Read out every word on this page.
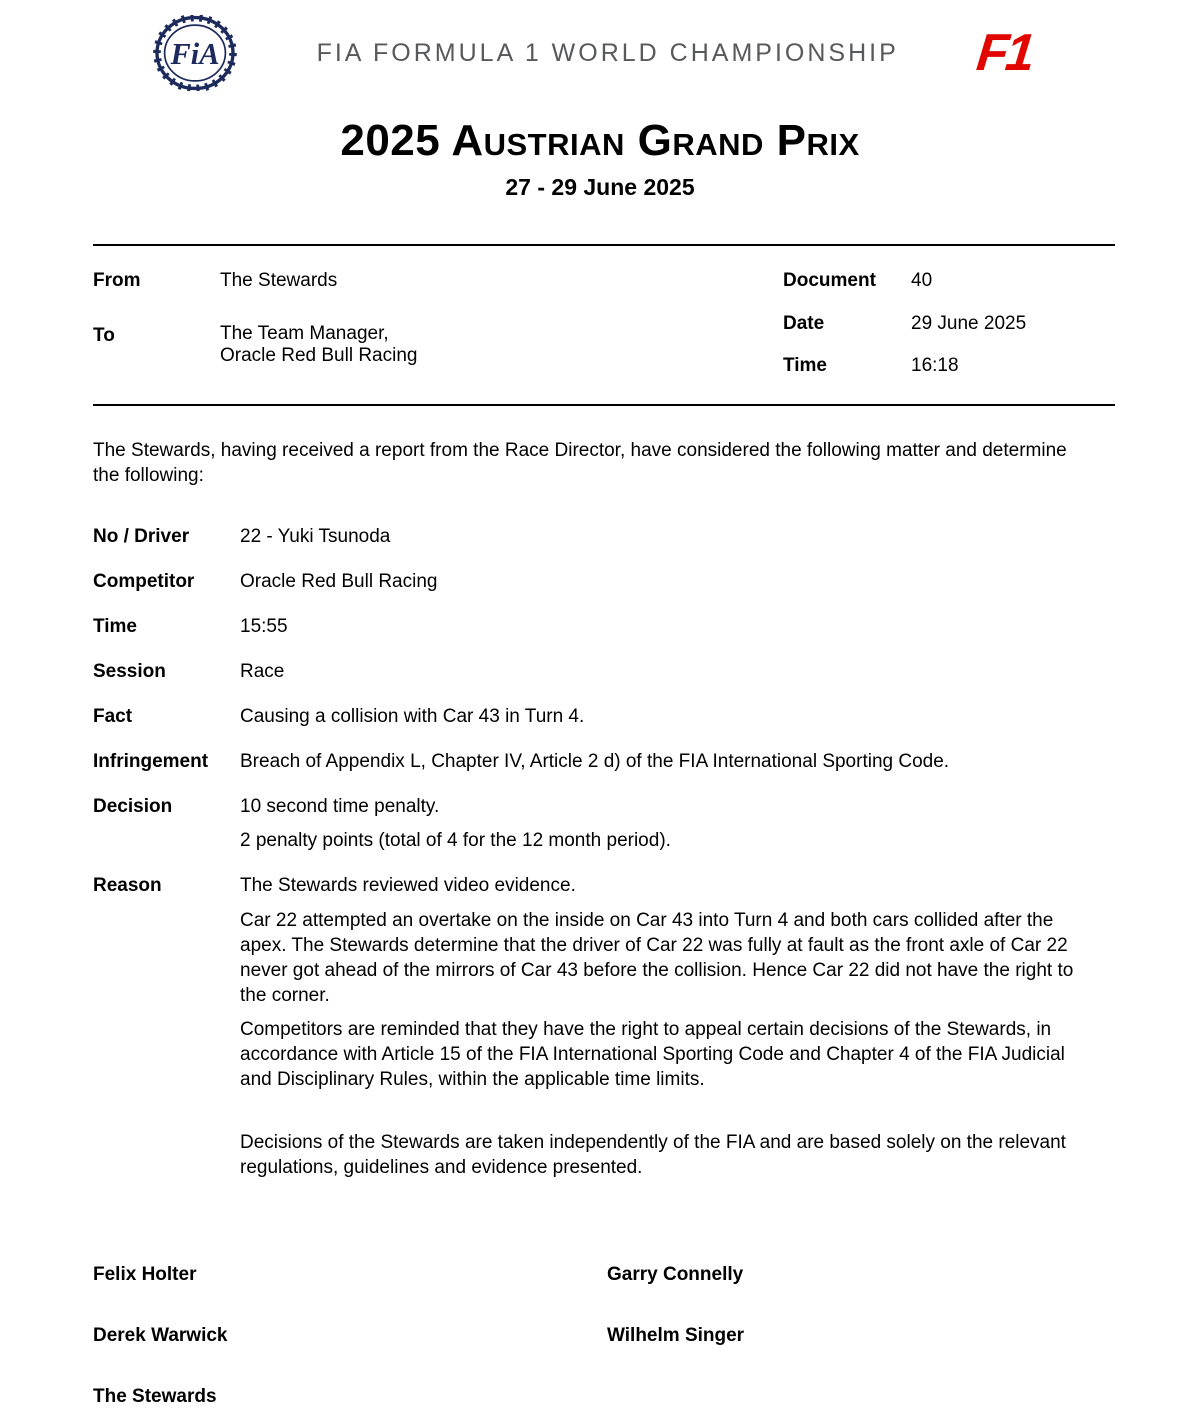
FiA	FIA FORMULA 1 WORLD CHAMPIONSHIP	F1
2025 Austrian Grand Prix
27 - 29 June 2025
From	The Stewards
To	The Team Manager,
Oracle Red Bull Racing
Document	40
Date	29 June 2025
Time	16:18

The Stewards, having received a report from the Race Director, have considered the following matter and determine the following:

No / Driver	22 - Yuki Tsunoda
Competitor	Oracle Red Bull Racing
Time	15:55
Session	Race
Fact	Causing a collision with Car 43 in Turn 4.
Infringement	Breach of Appendix L, Chapter IV, Article 2 d) of the FIA International Sporting Code.
Decision	10 second time penalty.
2 penalty points (total of 4 for the 12 month period).
Reason	The Stewards reviewed video evidence.

Car 22 attempted an overtake on the inside on Car 43 into Turn 4 and both cars collided after the apex. The Stewards determine that the driver of Car 22 was fully at fault as the front axle of Car 22 never got ahead of the mirrors of Car 43 before the collision. Hence Car 22 did not have the right to the corner.

Competitors are reminded that they have the right to appeal certain decisions of the Stewards, in accordance with Article 15 of the FIA International Sporting Code and Chapter 4 of the FIA Judicial and Disciplinary Rules, within the applicable time limits.

Decisions of the Stewards are taken independently of the FIA and are based solely on the relevant regulations, guidelines and evidence presented.

Felix Holter	Garry Connelly
Derek Warwick	Wilhelm Singer
The Stewards
